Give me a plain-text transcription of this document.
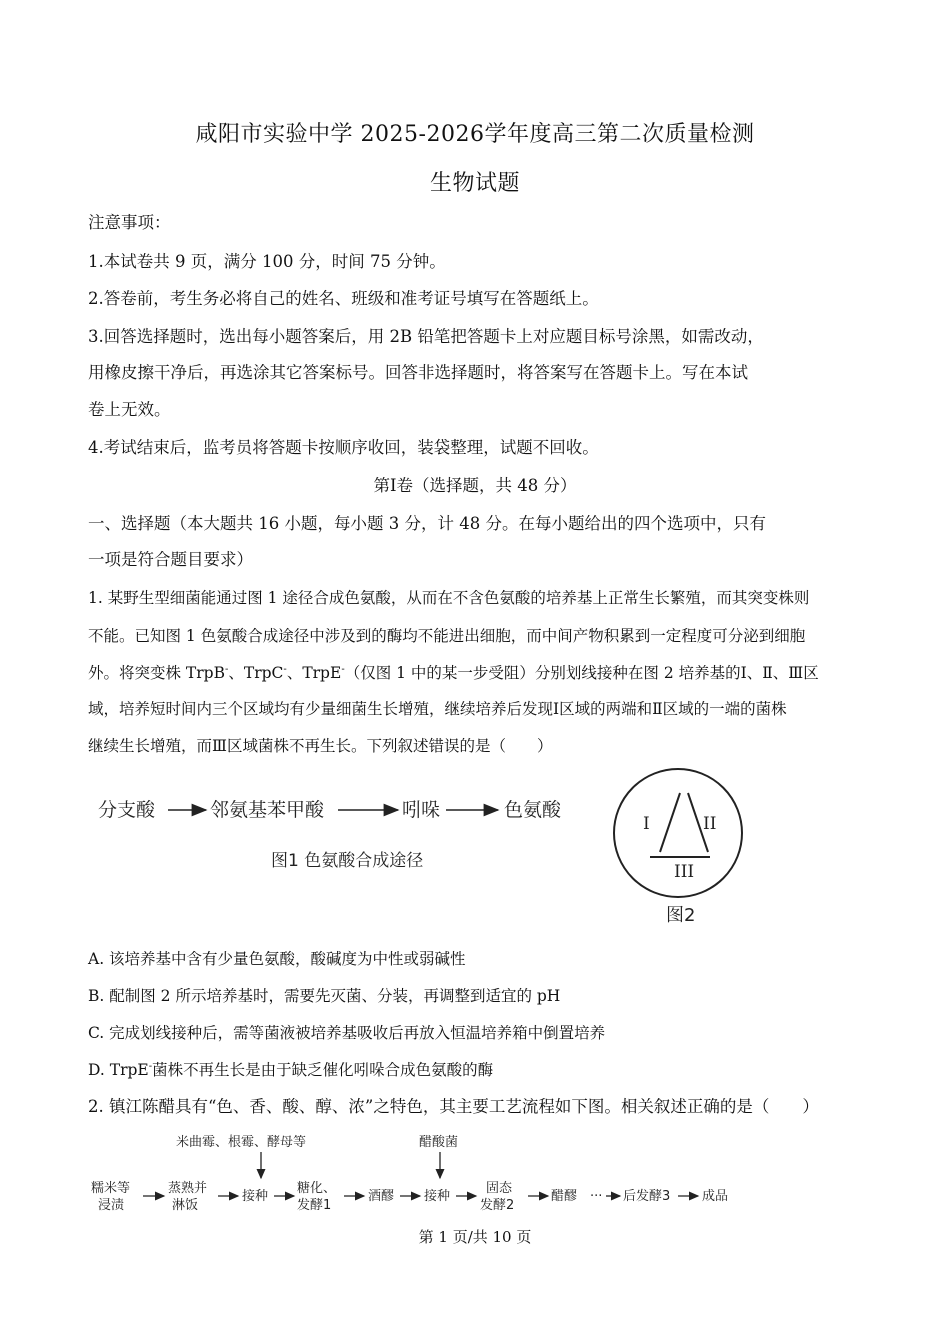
咸阳市实验中学 2025-2026学年度高三第二次质量检测
生物试题
注意事项：
1.本试卷共 9 页，满分 100 分，时间 75 分钟。
2.答卷前，考生务必将自己的姓名、班级和准考证号填写在答题纸上。
3.回答选择题时，选出每小题答案后，用 2B 铅笔把答题卡上对应题目标号涂黑，如需改动，
用橡皮擦干净后，再选涂其它答案标号。回答非选择题时，将答案写在答题卡上。写在本试
卷上无效。
4.考试结束后，监考员将答题卡按顺序收回，装袋整理，试题不回收。
第Ⅰ卷（选择题，共 48 分）
一、选择题（本大题共 16 小题，每小题 3 分，计 48 分。在每小题给出的四个选项中，只有
一项是符合题目要求）
1. 某野生型细菌能通过图 1 途径合成色氨酸，从而在不含色氨酸的培养基上正常生长繁殖，而其突变株则
不能。已知图 1 色氨酸合成途径中涉及到的酶均不能进出细胞，而中间产物积累到一定程度可分泌到细胞
外。将突变株 TrpB-、TrpC-、TrpE-（仅图 1 中的某一步受阻）分别划线接种在图 2 培养基的Ⅰ、Ⅱ、Ⅲ区
域，培养短时间内三个区域均有少量细菌生长增殖，继续培养后发现Ⅰ区域的两端和Ⅱ区域的一端的菌株
继续生长增殖，而Ⅲ区域菌株不再生长。下列叙述错误的是（　　）
分支酸	邻氨基苯甲酸	吲哚	色氨酸
图1 色氨酸合成途径
I	II
III
图2
A. 该培养基中含有少量色氨酸，酸碱度为中性或弱碱性
B. 配制图 2 所示培养基时，需要先灭菌、分装，再调整到适宜的 pH
C. 完成划线接种后，需等菌液被培养基吸收后再放入恒温培养箱中倒置培养
D. TrpE-菌株不再生长是由于缺乏催化吲哚合成色氨酸的酶
2. 镇江陈醋具有“色、香、酸、醇、浓”之特色，其主要工艺流程如下图。相关叙述正确的是（　　）
米曲霉、根霉、酵母等	醋酸菌
糯米等
浸渍
蒸熟并
淋饭
接种
糖化、
发酵1
酒醪 接种
固态
发酵2
醋醪 ··· 后发酵3 成品
第 1 页/共 10 页
